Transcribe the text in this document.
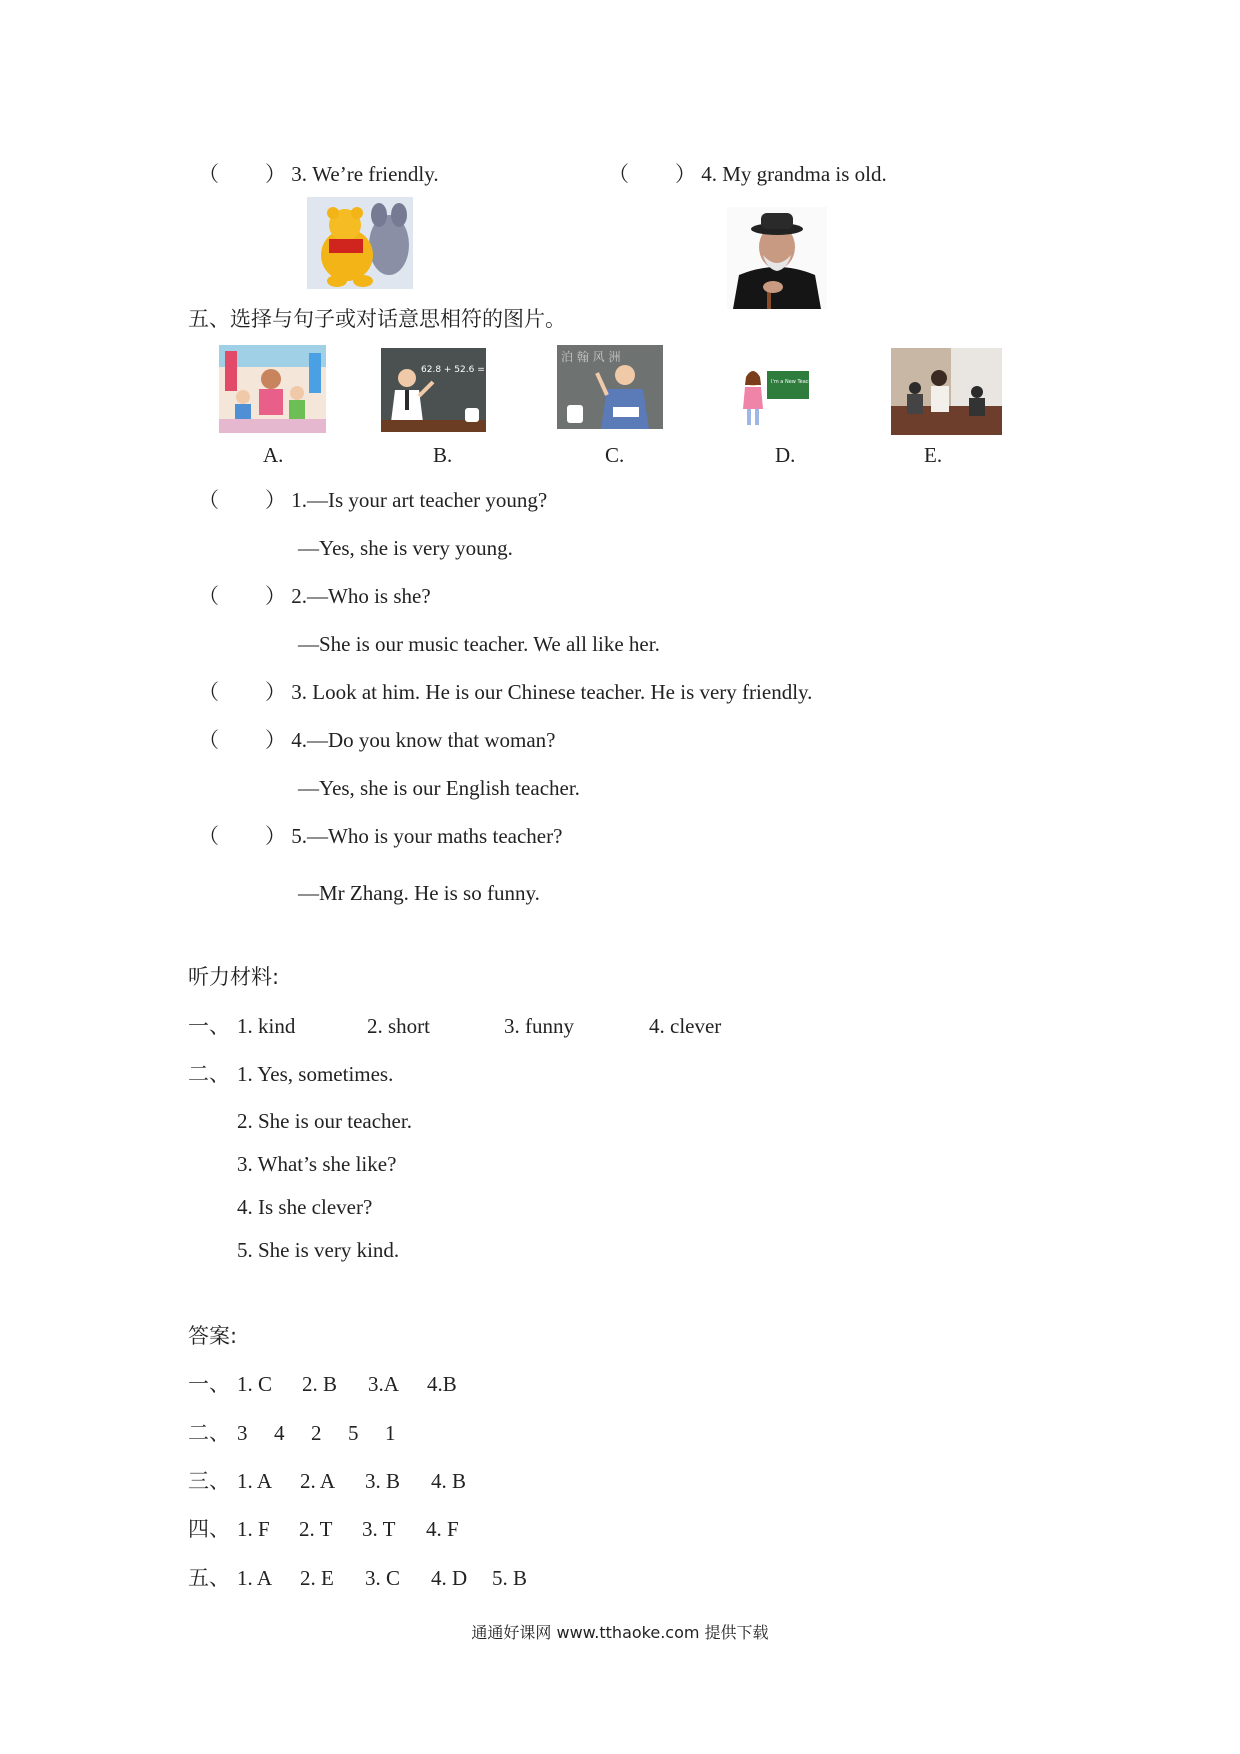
（ ） 3. We’re friendly.	（ ） 4. My grandma is old.
五、选择与句子或对话意思相符的图片。
62.8 + 52.6 = ?
泊 翰 风 洲
I'm a New Teacher
A.	B.	C.	D.	E.
（ ） 1.—Is your art teacher young?
—Yes, she is very young.
（ ） 2.—Who is she?
—She is our music teacher. We all like her.
（ ） 3. Look at him. He is our Chinese teacher. He is very friendly.
（ ） 4.—Do you know that woman?
—Yes, she is our English teacher.
（ ） 5.—Who is your maths teacher?
—Mr Zhang. He is so funny.
听力材料:
一、 1. kind	2. short	3. funny	4. clever
二、 1. Yes, sometimes.
2. She is our teacher.
3. What’s she like?
4. Is she clever?
5. She is very kind.
答案:
一、 1. C 2. B 3.A 4.B
二、 3 4 2 5 1
三、 1. A 2. A 3. B 4. B
四、 1. F 2. T 3. T 4. F
五、 1. A 2. E 3. C 4. D 5. B
通通好课网 www.tthaoke.com 提供下载
